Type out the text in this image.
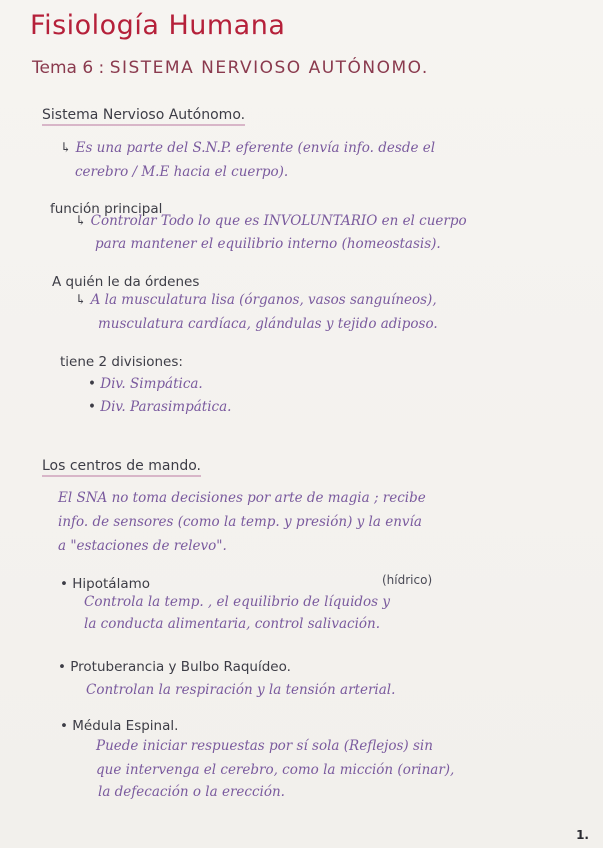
Fisiología Humana
Tema 6 : SISTEMA NERVIOSO AUTÓNOMO.
Sistema Nervioso Autónomo.
↳ Es una parte del S.N.P. eferente (envía info. desde el
cerebro / M.E hacia el cuerpo).
función principal
↳ Controlar Todo lo que es INVOLUNTARIO en el cuerpo
para mantener el equilibrio interno (homeostasis).
A quién le da órdenes
↳ A la musculatura lisa (órganos, vasos sanguíneos),
musculatura cardíaca, glándulas y tejido adiposo.
tiene 2 divisiones:
• Div. Simpática.
• Div. Parasimpática.
Los centros de mando.
El SNA no toma decisiones por arte de magia ; recibe
info. de sensores (como la temp. y presión) y la envía
a "estaciones de relevo".
(hídrico)
• Hipotálamo
Controla la temp. , el equilibrio de líquidos y
la conducta alimentaria, control salivación.
• Protuberancia y Bulbo Raquídeo.
Controlan la respiración y la tensión arterial.
• Médula Espinal.
Puede iniciar respuestas por sí sola (Reflejos) sin
que intervenga el cerebro, como la micción (orinar),
la defecación o la erección.
1.
